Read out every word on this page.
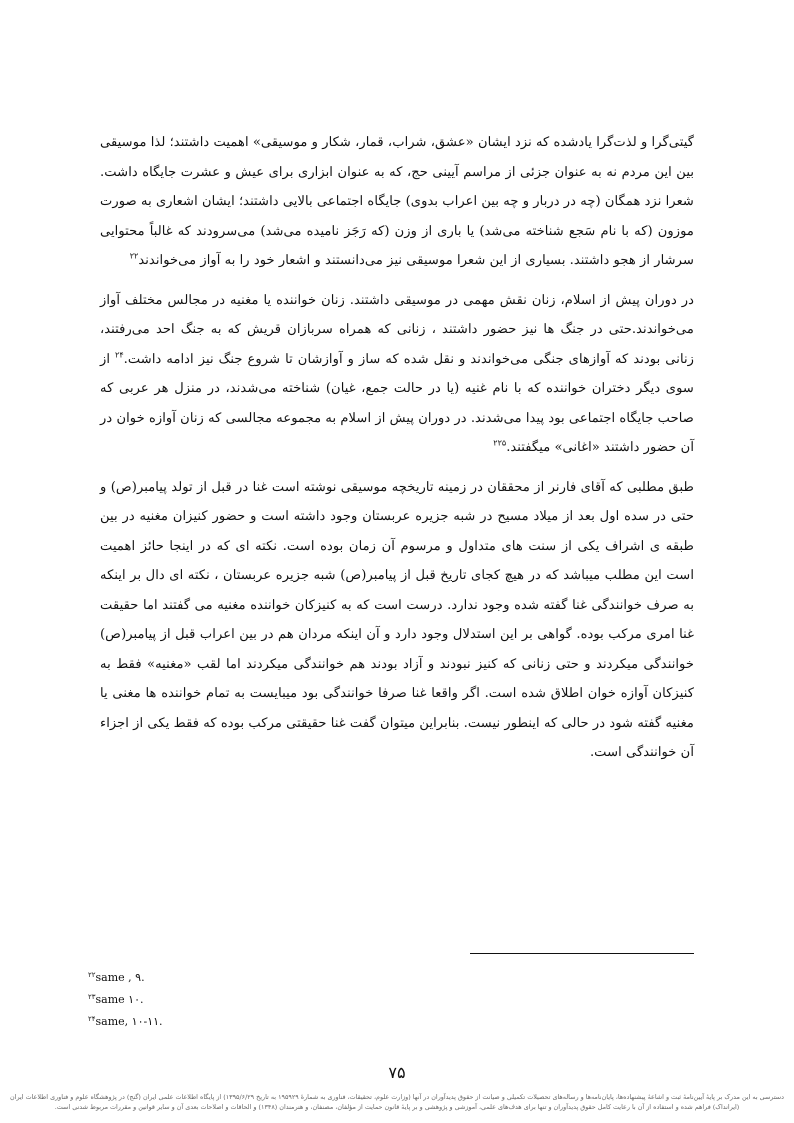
گیتی‌گرا و لذت‌گرا یادشده که نزد ایشان «عشق، شراب، قمار، شکار و موسیقی» اهمیت داشتند؛ لذا موسیقی بین این مردم نه به عنوان جزئی از مراسم آیینی حج، که به عنوان ابزاری برای عیش و عشرت جایگاه داشت. شعرا نزد همگان (چه در دربار و چه بین اعراب بدوی) جایگاه اجتماعی بالایی داشتند؛ ایشان اشعاری به صورت موزون (که با نام سَجع شناخته می‌شد) یا باری از وزن (که رَجَز نامیده می‌شد) می‌سرودند که غالباً محتوایی سرشار از هجو داشتند. بسیاری از این شعرا موسیقی نیز می‌دانستند و اشعار خود را به آواز می‌خواندند$^{۲۲}$

در دوران پیش از اسلام، زنان نقش مهمی در موسیقی داشتند. زنان خواننده یا مغنیه در مجالس مختلف آواز می‌خواندند.حتی در جنگ ها نیز حضور داشتند ، زنانی که همراه سربازان قریش که به جنگ احد می‌رفتند، زنانی بودند که آوازهای جنگی می‌خواندند و نقل شده که ساز و آوازشان تا شروع جنگ نیز ادامه داشت.$^{۲۴}$ از سوی دیگر دختران خواننده که با نام غنیه (یا در حالت جمع، غیان) شناخته می‌شدند، در منزل هر عربی که صاحب جایگاه اجتماعی بود پیدا می‌شدند. در دوران پیش از اسلام به مجموعه مجالسی که زنان آوازه خوان در آن حضور داشتند «اغانی» میگفتند.$^{۲۲۵}$

طبق مطلبی که آقای فارنر از محققان در زمینه تاریخچه موسیقی نوشته است غنا در قبل از تولد پیامبر(ص) و حتی در سده اول بعد از میلاد مسیح در شبه جزیره عربستان وجود داشته است و حضور کنیزان مغنیه در بین طبقه ی اشراف یکی از سنت های متداول و مرسوم آن زمان بوده است. نکته ای که در اینجا حائز اهمیت است این مطلب میباشد که در هیچ کجای تاریخ قبل از پیامبر(ص) شبه جزیره عربستان ، نکته ای دال بر اینکه به صرف خوانندگی غنا گفته شده وجود ندارد. درست است که به کنیزکان خواننده مغنیه می گفتند اما حقیقت غنا امری مرکب بوده. گواهی بر این استدلال وجود دارد و آن اینکه مردان هم در بین اعراب قبل از پیامبر(ص) خوانندگی میکردند و حتی زنانی که کنیز نبودند و آزاد بودند هم خوانندگی میکردند اما لقب «مغنیه» فقط به کنیزکان آوازه خوان اطلاق شده است. اگر واقعا غنا صرفا خوانندگی بود میبایست به تمام خواننده ها مغنی یا مغنیه گفته شود در حالی که اینطور نیست. بنابراین میتوان گفت غنا حقیقتی مرکب بوده که فقط یکی از اجزاء آن خوانندگی است.

$^{۲۲}$same , ۹.
$^{۲۳}$same ۱۰.
$^{۲۴}$same, ۱۰-۱۱.
۷۵
دسترسی به این مدرک بر پایهٔ آیین‌نامهٔ ثبت و اشاعهٔ پیشنهاده‌ها، پایان‌نامه‌ها و رساله‌های تحصیلات تکمیلی و صیانت از حقوق پدیدآوران در آنها (وزارت علوم، تحقیقات، فناوری به شمارهٔ ۱۹۵۹۲۹ به تاریخ ۱۳۹۵/۶/۲۹) از پایگاه اطلاعات علمی ایران (گنج) در پژوهشگاه علوم و فناوری اطلاعات ایران (ایرانداک) فراهم شده و استفاده از آن با رعایت کامل حقوق پدیدآوران و تنها برای هدف‌های علمی، آموزشی و پژوهشی و بر پایهٔ قانون حمایت از مؤلفان، مصنفان، و هنرمندان (۱۳۴۸) و الحاقات و اصلاحات بعدی آن و سایر قوانین و مقررات مربوط شدنی است.
